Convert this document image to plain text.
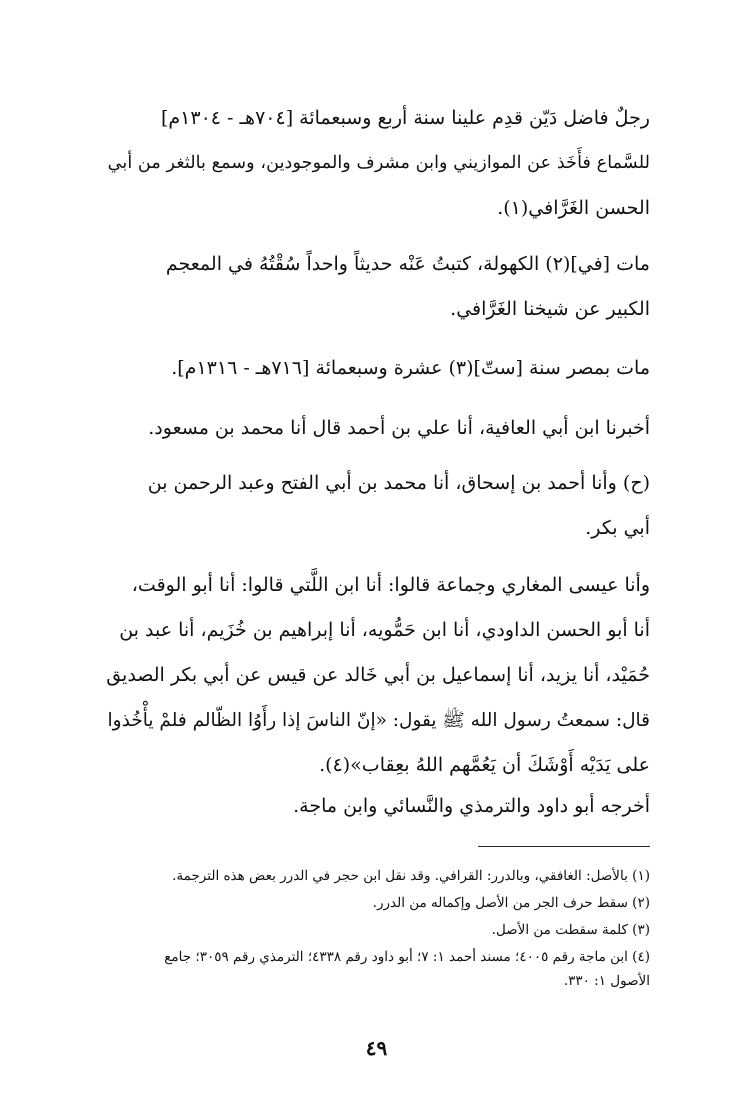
رجلٌ فاضل دَيّن قدِم علينا سنة أربع وسبعمائة [٧٠٤هـ - ١٣٠٤م]
للسَّماع فأَخَذ عن الموازيني وابن مشرف والموجودين، وسمع بالثغر من أبي
الحسن الغَرَّافي(١).
مات [في](٢) الكهولة، كتبتُ عَنْه حديثاً واحداً سُقْتُهُ في المعجم
الكبير عن شيخنا الغَرَّافي.
مات بمصر سنة [ستّ](٣) عشرة وسبعمائة [٧١٦هـ - ١٣١٦م].
أخبرنا ابن أبي العافية، أنا علي بن أحمد قال أنا محمد بن مسعود.
(ح) وأنا أحمد بن إسحاق، أنا محمد بن أبي الفتح وعبد الرحمن بن
أبي بكر.
وأنا عيسى المغاري وجماعة قالوا: أنا ابن اللَّتي قالوا: أنا أبو الوقت،
أنا أبو الحسن الداودي، أنا ابن حَمُّويه، أنا إبراهيم بن خُزَيم، أنا عبد بن
حُمَيْد، أنا يزيد، أنا إسماعيل بن أبي خَالد عن قيس عن أبي بكر الصديق
قال: سمعتُ رسول الله ﷺ يقول: «إنّ الناسَ إذا رأَوُا الظّالم فلمْ يأْخُذوا
على يَدَيْه أَوْشَكَ أن يَعُمَّهم اللهُ بعِقاب»(٤).
أخرجه أبو داود والترمذي والنَّسائي وابن ماجة.
(١) بالأصل: الغافقي، وبالدرر: القرافي. وقد نقل ابن حجر في الدرر بعض هذه الترجمة.
(٢) سقط حرف الجر من الأصل وإكماله من الدرر.
(٣) كلمة سقطت من الأصل.
(٤) ابن ماجة رقم ٤٠٠٥؛ مسند أحمد ١: ٧؛ أبو داود رقم ٤٣٣٨؛ الترمذي رقم ٣٠٥٩؛ جامع
الأصول ١: ٣٣٠.
٤٩
